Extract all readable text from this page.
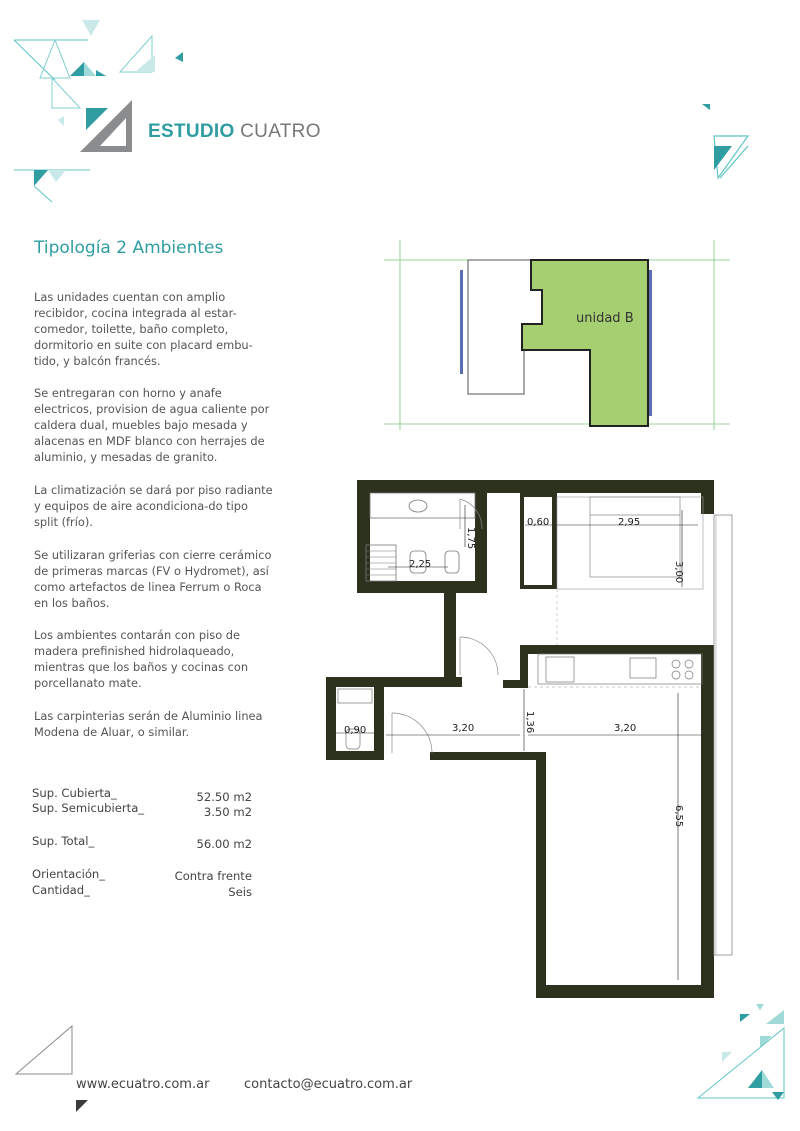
ESTUDIO CUATRO
Tipología 2 Ambientes

Las unidades cuentan con amplio recibidor, cocina integrada al estar-comedor, toilette, baño completo, dormitorio en suite con placard embu-tido, y balcón francés.

Se entregaran con horno y anafe electricos, provision de agua caliente por caldera dual, muebles bajo mesada y alacenas en MDF blanco con herrajes de aluminio, y mesadas de granito.

La climatización se dará por piso radiante y equipos de aire acondiciona-do tipo split (frío).

Se utilizaran griferias con cierre cerámico de primeras marcas (FV o Hydromet), así como artefactos de linea Ferrum o Roca en los baños.

Los ambientes contarán con piso de madera prefinished hidrolaqueado, mientras que los baños y cocinas con porcellanato mate.

Las carpinterias serán de Aluminio linea Modena de Aluar, o similar.

Sup. Cubierta_	52.50 m2
Sup. Semicubierta_	3.50 m2
Sup. Total_	56.00 m2
Orientación_	Contra frente
Cantidad_	Seis
unidad B
0,60	2,95
1,75
2,25	3,00
0,90	3,20	1,36	3,20
6,55
www.ecuatro.com.ar	contacto@ecuatro.com.ar
